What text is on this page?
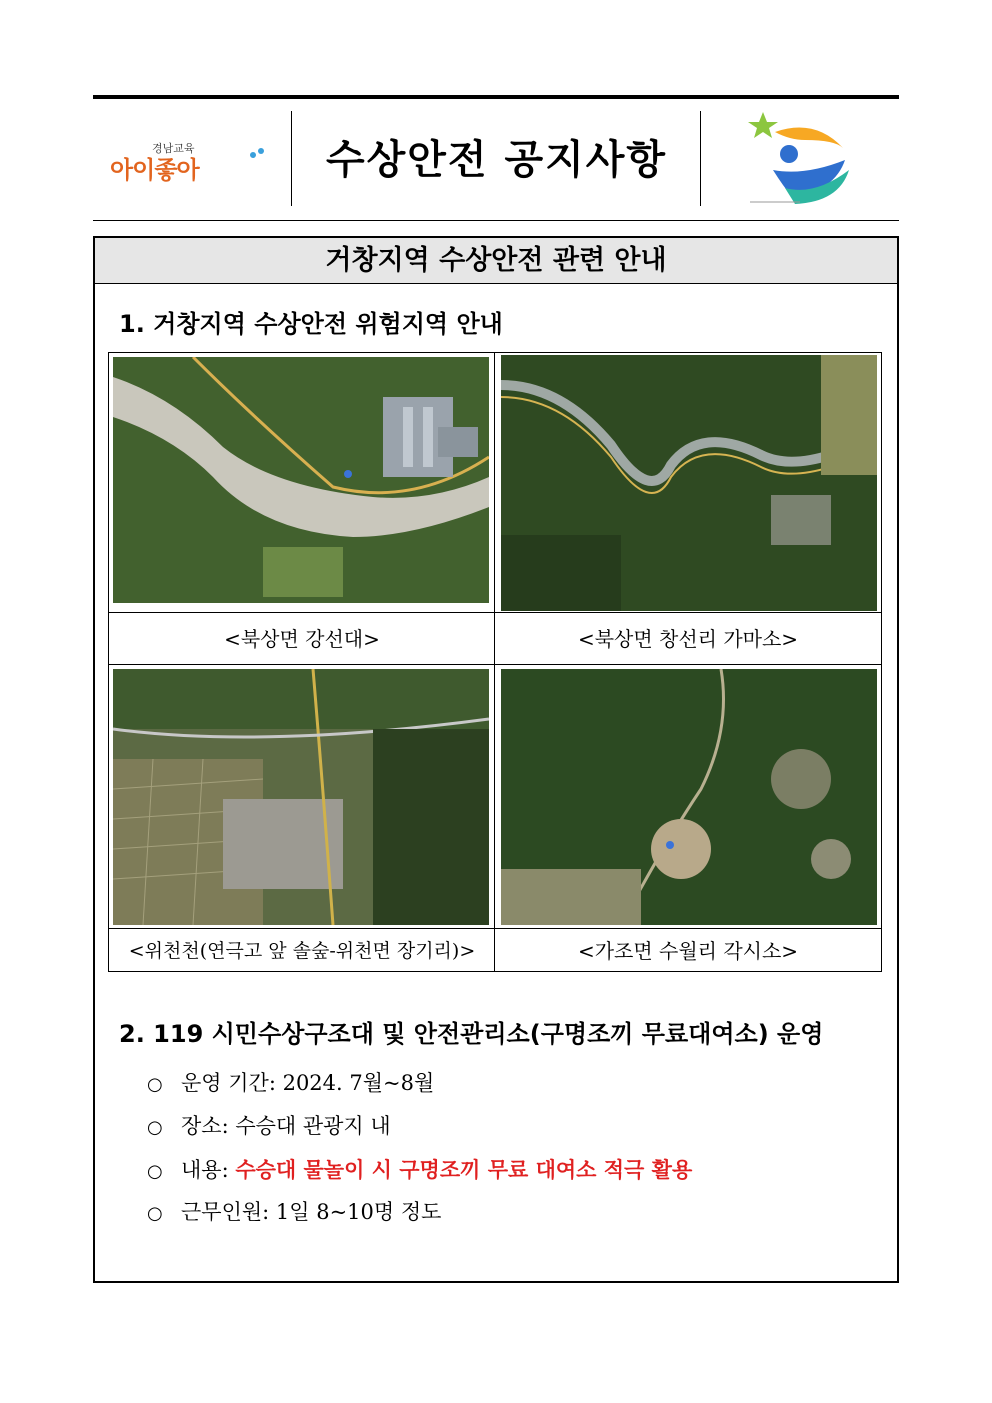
경남교육
아이좋아	수상안전 공지사항
거창지역 수상안전 관련 안내
1. 거창지역 수상안전 위험지역 안내
<북상면 강선대>	<북상면 창선리 가마소>
<위천천(연극고 앞 솔숲-위천면 장기리)>	<가조면 수월리 각시소>
2. 119 시민수상구조대 및 안전관리소(구명조끼 무료대여소) 운영
○ 운영 기간: 2024. 7월~8월
○ 장소: 수승대 관광지 내
○ 내용: 수승대 물놀이 시 구명조끼 무료 대여소 적극 활용
○ 근무인원: 1일 8~10명 정도
